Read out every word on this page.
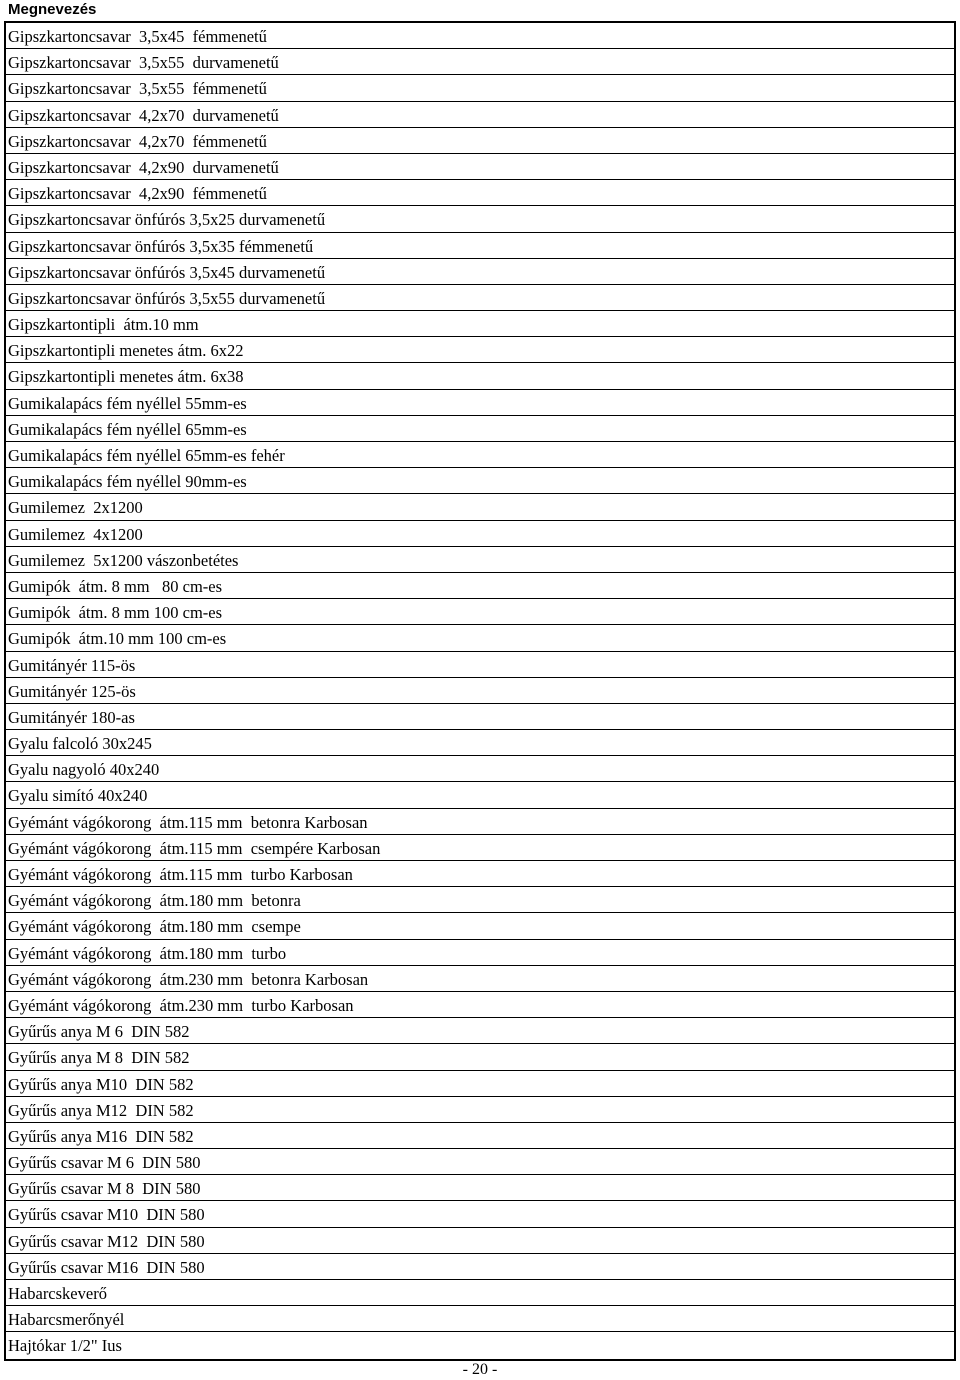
Megnevezés
Gipszkartoncsavar  3,5x45  fémmenetű
Gipszkartoncsavar  3,5x55  durvamenetű
Gipszkartoncsavar  3,5x55  fémmenetű
Gipszkartoncsavar  4,2x70  durvamenetű
Gipszkartoncsavar  4,2x70  fémmenetű
Gipszkartoncsavar  4,2x90  durvamenetű
Gipszkartoncsavar  4,2x90  fémmenetű
Gipszkartoncsavar önfúrós 3,5x25 durvamenetű
Gipszkartoncsavar önfúrós 3,5x35 fémmenetű
Gipszkartoncsavar önfúrós 3,5x45 durvamenetű
Gipszkartoncsavar önfúrós 3,5x55 durvamenetű
Gipszkartontipli  átm.10 mm
Gipszkartontipli menetes átm. 6x22
Gipszkartontipli menetes átm. 6x38
Gumikalapács fém nyéllel 55mm-es
Gumikalapács fém nyéllel 65mm-es
Gumikalapács fém nyéllel 65mm-es fehér
Gumikalapács fém nyéllel 90mm-es
Gumilemez  2x1200
Gumilemez  4x1200
Gumilemez  5x1200 vászonbetétes
Gumipók  átm. 8 mm   80 cm-es
Gumipók  átm. 8 mm 100 cm-es
Gumipók  átm.10 mm 100 cm-es
Gumitányér 115-ös
Gumitányér 125-ös
Gumitányér 180-as
Gyalu falcoló 30x245
Gyalu nagyoló 40x240
Gyalu simító 40x240
Gyémánt vágókorong  átm.115 mm  betonra Karbosan
Gyémánt vágókorong  átm.115 mm  csempére Karbosan
Gyémánt vágókorong  átm.115 mm  turbo Karbosan
Gyémánt vágókorong  átm.180 mm  betonra
Gyémánt vágókorong  átm.180 mm  csempe
Gyémánt vágókorong  átm.180 mm  turbo
Gyémánt vágókorong  átm.230 mm  betonra Karbosan
Gyémánt vágókorong  átm.230 mm  turbo Karbosan
Gyűrűs anya M 6  DIN 582
Gyűrűs anya M 8  DIN 582
Gyűrűs anya M10  DIN 582
Gyűrűs anya M12  DIN 582
Gyűrűs anya M16  DIN 582
Gyűrűs csavar M 6  DIN 580
Gyűrűs csavar M 8  DIN 580
Gyűrűs csavar M10  DIN 580
Gyűrűs csavar M12  DIN 580
Gyűrűs csavar M16  DIN 580
Habarcskeverő
Habarcsmerőnyél
Hajtókar 1/2" Ius
- 20 -
